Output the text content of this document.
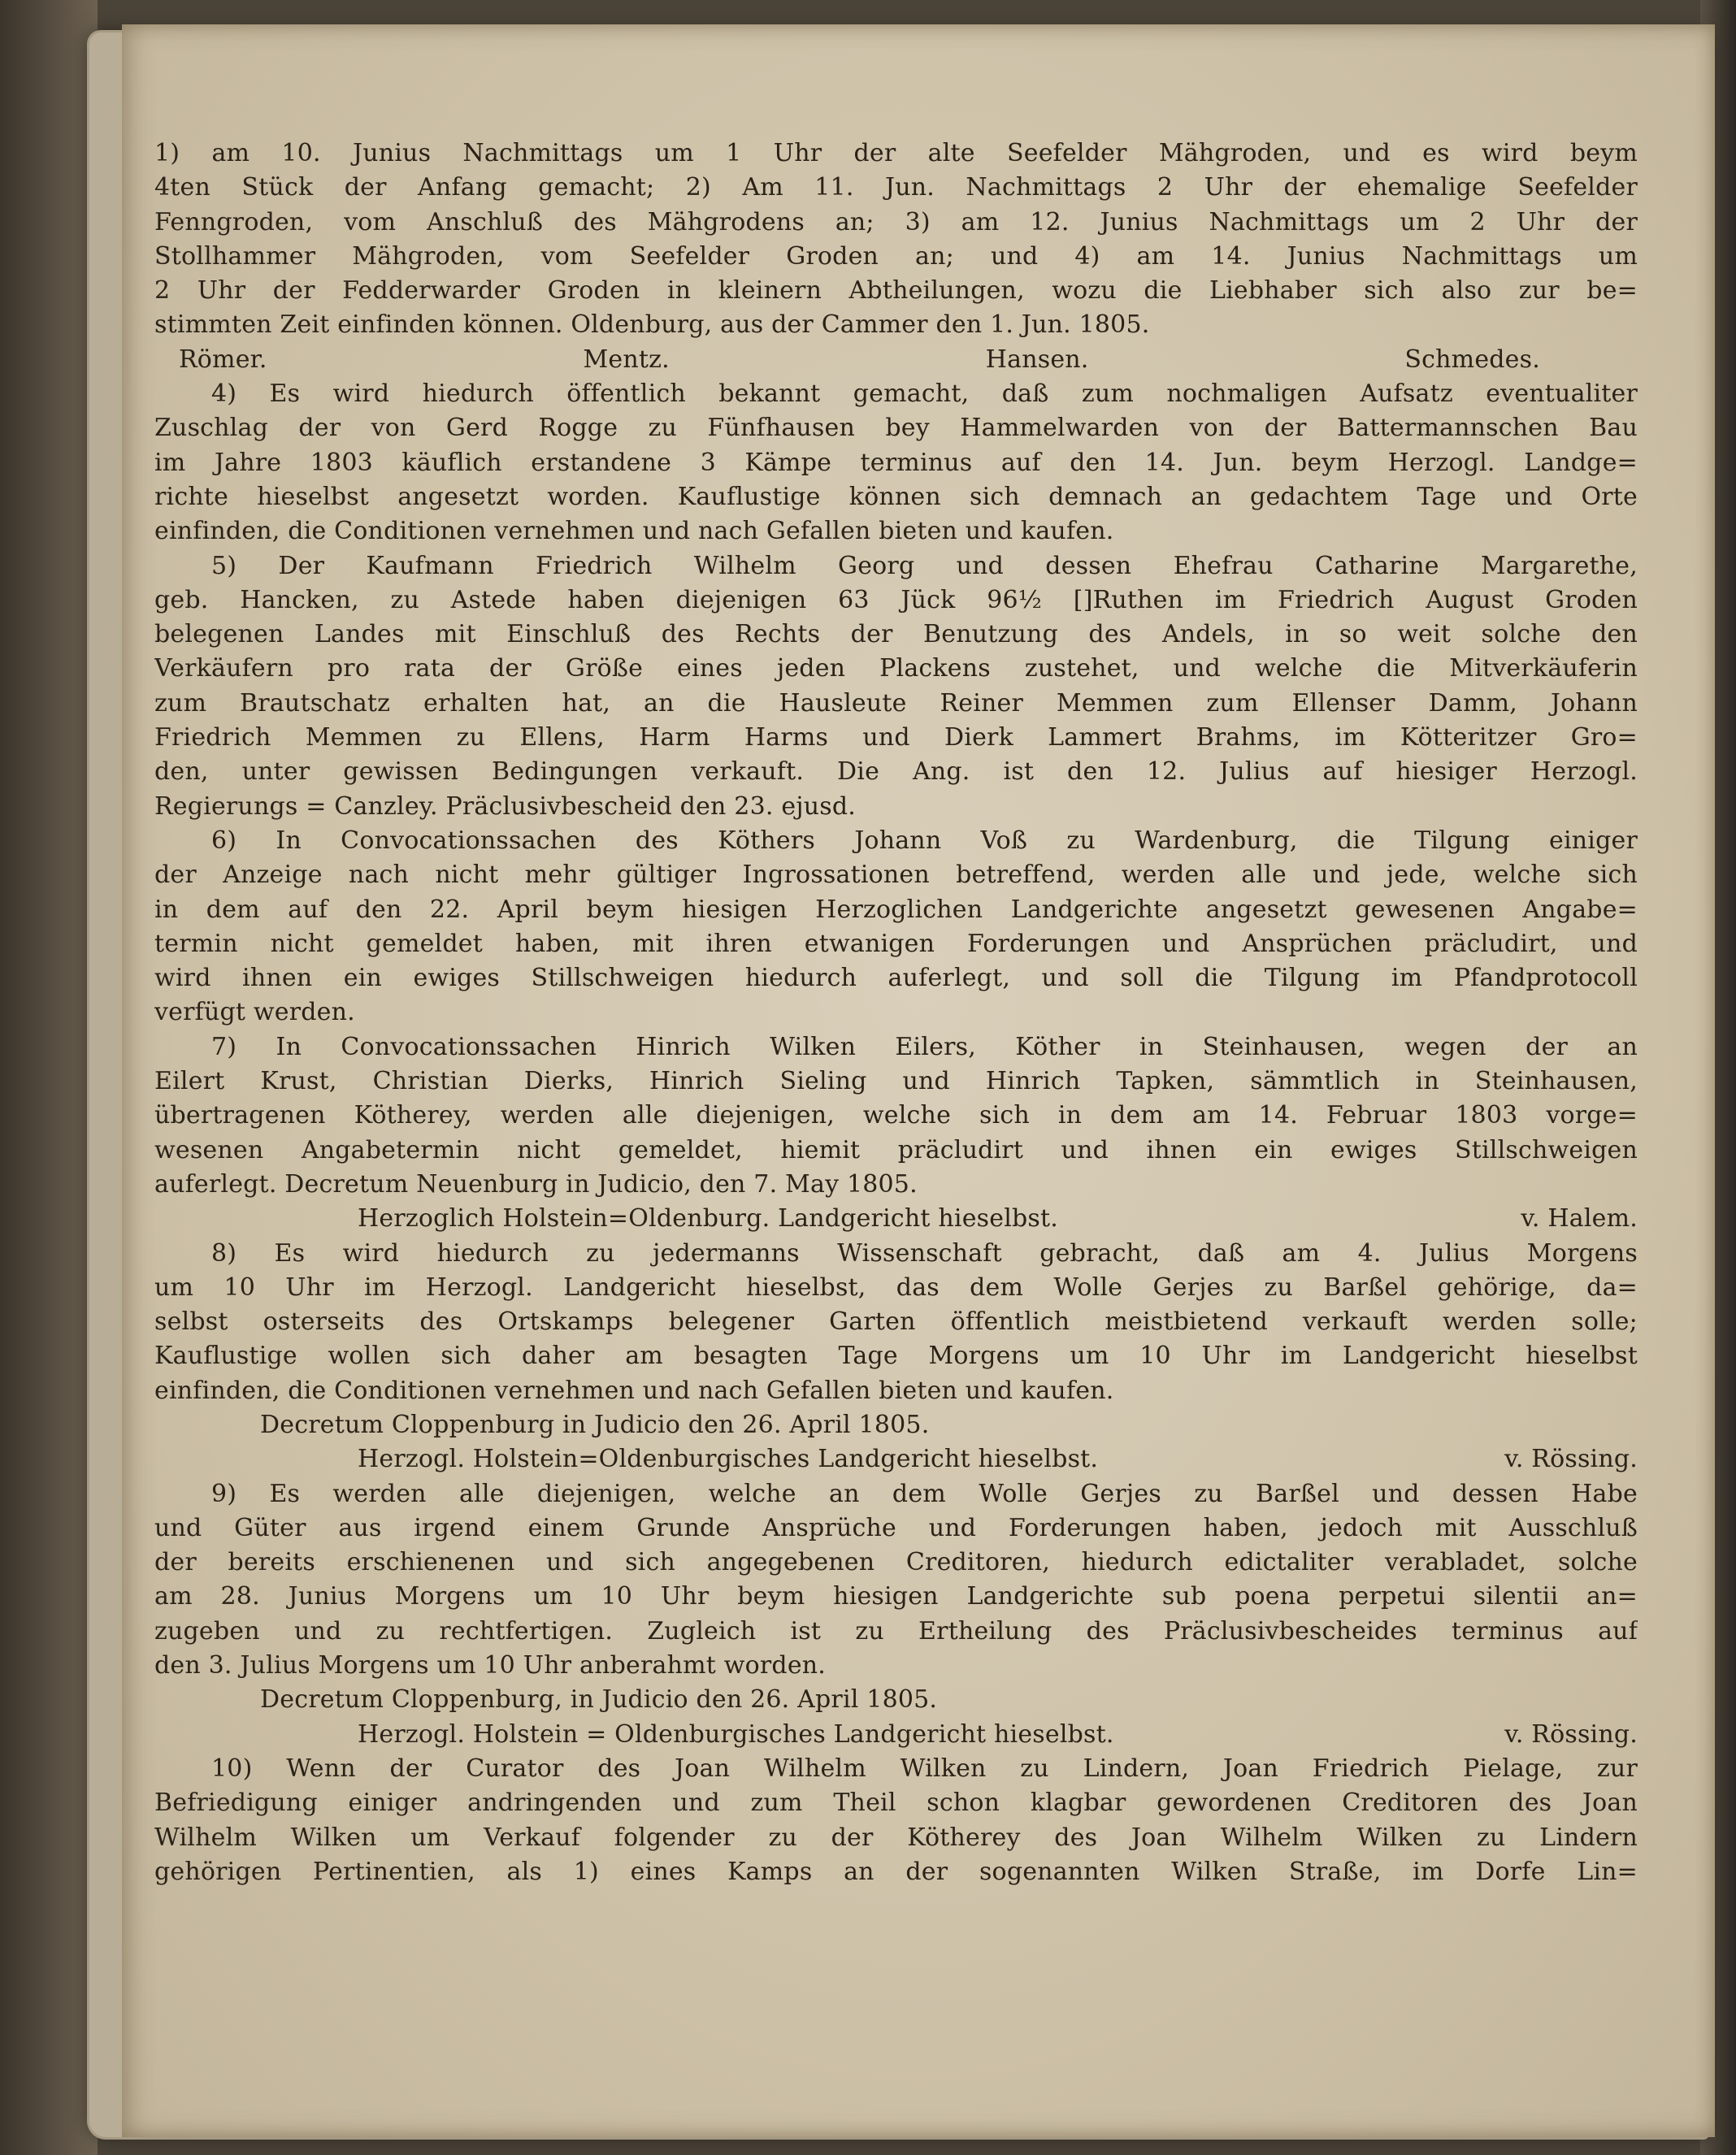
1) am 10. Junius Nachmittags um 1 Uhr der alte Seefelder Mähgroden, und es wird beym
4ten Stück der Anfang gemacht; 2) Am 11. Jun. Nachmittags 2 Uhr der ehemalige Seefelder
Fenngroden, vom Anschluß des Mähgrodens an; 3) am 12. Junius Nachmittags um 2 Uhr der
Stollhammer Mähgroden, vom Seefelder Groden an; und 4) am 14. Junius Nachmittags um
2 Uhr der Fedderwarder Groden in kleinern Abtheilungen, wozu die Liebhaber sich also zur be=
stimmten Zeit einfinden können. Oldenburg, aus der Cammer den 1. Jun. 1805.
Römer.	Mentz.	Hansen.	Schmedes.
4) Es wird hiedurch öffentlich bekannt gemacht, daß zum nochmaligen Aufsatz eventualiter
Zuschlag der von Gerd Rogge zu Fünfhausen bey Hammelwarden von der Battermannschen Bau
im Jahre 1803 käuflich erstandene 3 Kämpe terminus auf den 14. Jun. beym Herzogl. Landge=
richte hieselbst angesetzt worden. Kauflustige können sich demnach an gedachtem Tage und Orte
einfinden, die Conditionen vernehmen und nach Gefallen bieten und kaufen.
5) Der Kaufmann Friedrich Wilhelm Georg und dessen Ehefrau Catharine Margarethe,
geb. Hancken, zu Astede haben diejenigen 63 Jück 96½ []Ruthen im Friedrich August Groden
belegenen Landes mit Einschluß des Rechts der Benutzung des Andels, in so weit solche den
Verkäufern pro rata der Größe eines jeden Plackens zustehet, und welche die Mitverkäuferin
zum Brautschatz erhalten hat, an die Hausleute Reiner Memmen zum Ellenser Damm, Johann
Friedrich Memmen zu Ellens, Harm Harms und Dierk Lammert Brahms, im Kötteritzer Gro=
den, unter gewissen Bedingungen verkauft. Die Ang. ist den 12. Julius auf hiesiger Herzogl.
Regierungs = Canzley. Präclusivbescheid den 23. ejusd.
6) In Convocationssachen des Köthers Johann Voß zu Wardenburg, die Tilgung einiger
der Anzeige nach nicht mehr gültiger Ingrossationen betreffend, werden alle und jede, welche sich
in dem auf den 22. April beym hiesigen Herzoglichen Landgerichte angesetzt gewesenen Angabe=
termin nicht gemeldet haben, mit ihren etwanigen Forderungen und Ansprüchen präcludirt, und
wird ihnen ein ewiges Stillschweigen hiedurch auferlegt, und soll die Tilgung im Pfandprotocoll
verfügt werden.
7) In Convocationssachen Hinrich Wilken Eilers, Köther in Steinhausen, wegen der an
Eilert Krust, Christian Dierks, Hinrich Sieling und Hinrich Tapken, sämmtlich in Steinhausen,
übertragenen Kötherey, werden alle diejenigen, welche sich in dem am 14. Februar 1803 vorge=
wesenen Angabetermin nicht gemeldet, hiemit präcludirt und ihnen ein ewiges Stillschweigen
auferlegt. Decretum Neuenburg in Judicio, den 7. May 1805.
Herzoglich Holstein=Oldenburg. Landgericht hieselbst.	v. Halem.
8) Es wird hiedurch zu jedermanns Wissenschaft gebracht, daß am 4. Julius Morgens
um 10 Uhr im Herzogl. Landgericht hieselbst, das dem Wolle Gerjes zu Barßel gehörige, da=
selbst osterseits des Ortskamps belegener Garten öffentlich meistbietend verkauft werden solle;
Kauflustige wollen sich daher am besagten Tage Morgens um 10 Uhr im Landgericht hieselbst
einfinden, die Conditionen vernehmen und nach Gefallen bieten und kaufen.
Decretum Cloppenburg in Judicio den 26. April 1805.
Herzogl. Holstein=Oldenburgisches Landgericht hieselbst.	v. Rössing.
9) Es werden alle diejenigen, welche an dem Wolle Gerjes zu Barßel und dessen Habe
und Güter aus irgend einem Grunde Ansprüche und Forderungen haben, jedoch mit Ausschluß
der bereits erschienenen und sich angegebenen Creditoren, hiedurch edictaliter verabladet, solche
am 28. Junius Morgens um 10 Uhr beym hiesigen Landgerichte sub poena perpetui silentii an=
zugeben und zu rechtfertigen. Zugleich ist zu Ertheilung des Präclusivbescheides terminus auf
den 3. Julius Morgens um 10 Uhr anberahmt worden.
Decretum Cloppenburg, in Judicio den 26. April 1805.
Herzogl. Holstein = Oldenburgisches Landgericht hieselbst.	v. Rössing.
10) Wenn der Curator des Joan Wilhelm Wilken zu Lindern, Joan Friedrich Pielage, zur
Befriedigung einiger andringenden und zum Theil schon klagbar gewordenen Creditoren des Joan
Wilhelm Wilken um Verkauf folgender zu der Kötherey des Joan Wilhelm Wilken zu Lindern
gehörigen Pertinentien, als 1) eines Kamps an der sogenannten Wilken Straße, im Dorfe Lin=
